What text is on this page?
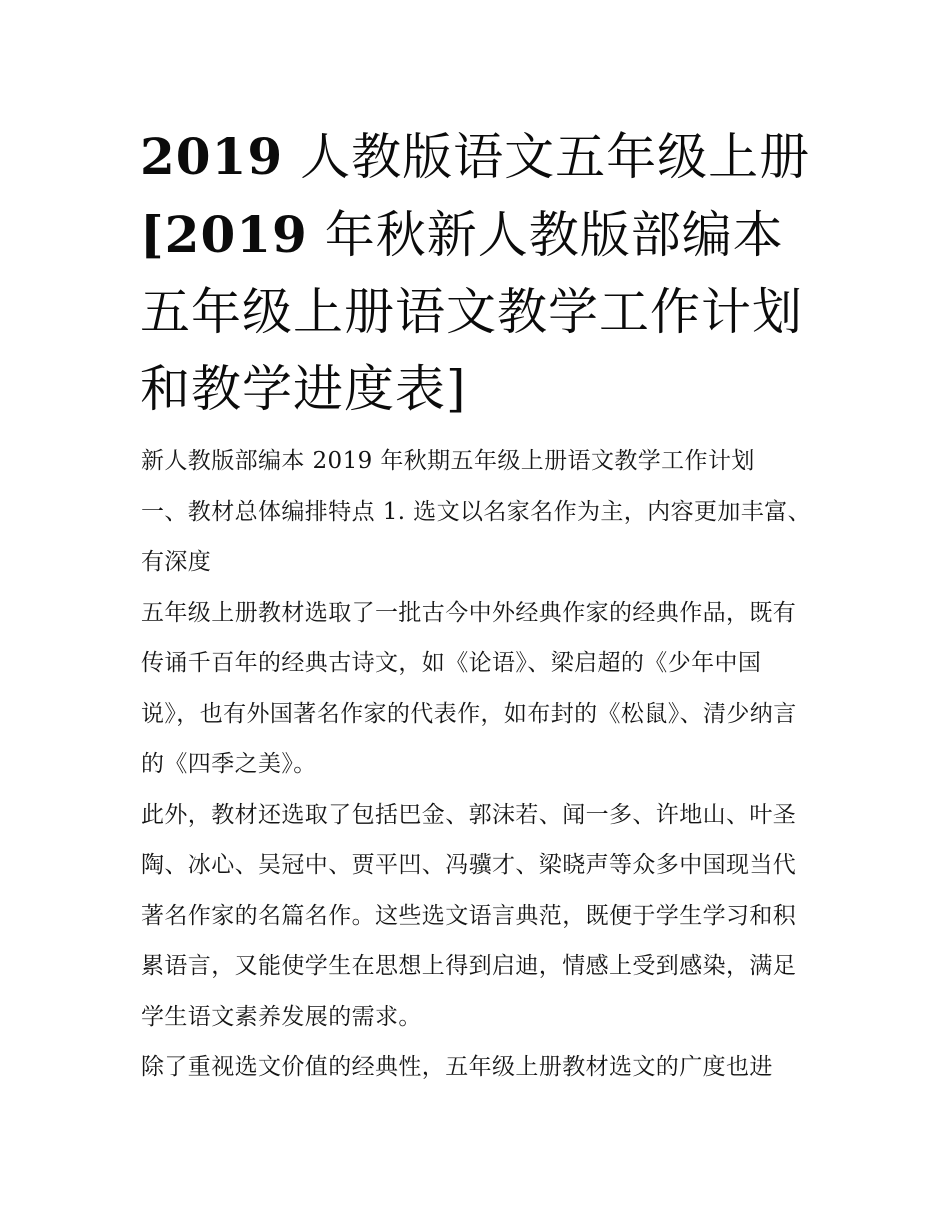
2019 人教版语文五年级上册[2019 年秋新人教版部编本五年级上册语文教学工作计划和教学进度表]

新人教版部编本 2019 年秋期五年级上册语文教学工作计划

一、教材总体编排特点 1. 选文以名家名作为主，内容更加丰富、有深度

五年级上册教材选取了一批古今中外经典作家的经典作品，既有传诵千百年的经典古诗文，如《论语》、梁启超的《少年中国说》，也有外国著名作家的代表作，如布封的《松鼠》、清少纳言的《四季之美》。

此外，教材还选取了包括巴金、郭沫若、闻一多、许地山、叶圣陶、冰心、吴冠中、贾平凹、冯骥才、梁晓声等众多中国现当代著名作家的名篇名作。这些选文语言典范，既便于学生学习和积累语言，又能使学生在思想上得到启迪，情感上受到感染，满足学生语文素养发展的需求。

除了重视选文价值的经典性，五年级上册教材选文的广度也进
